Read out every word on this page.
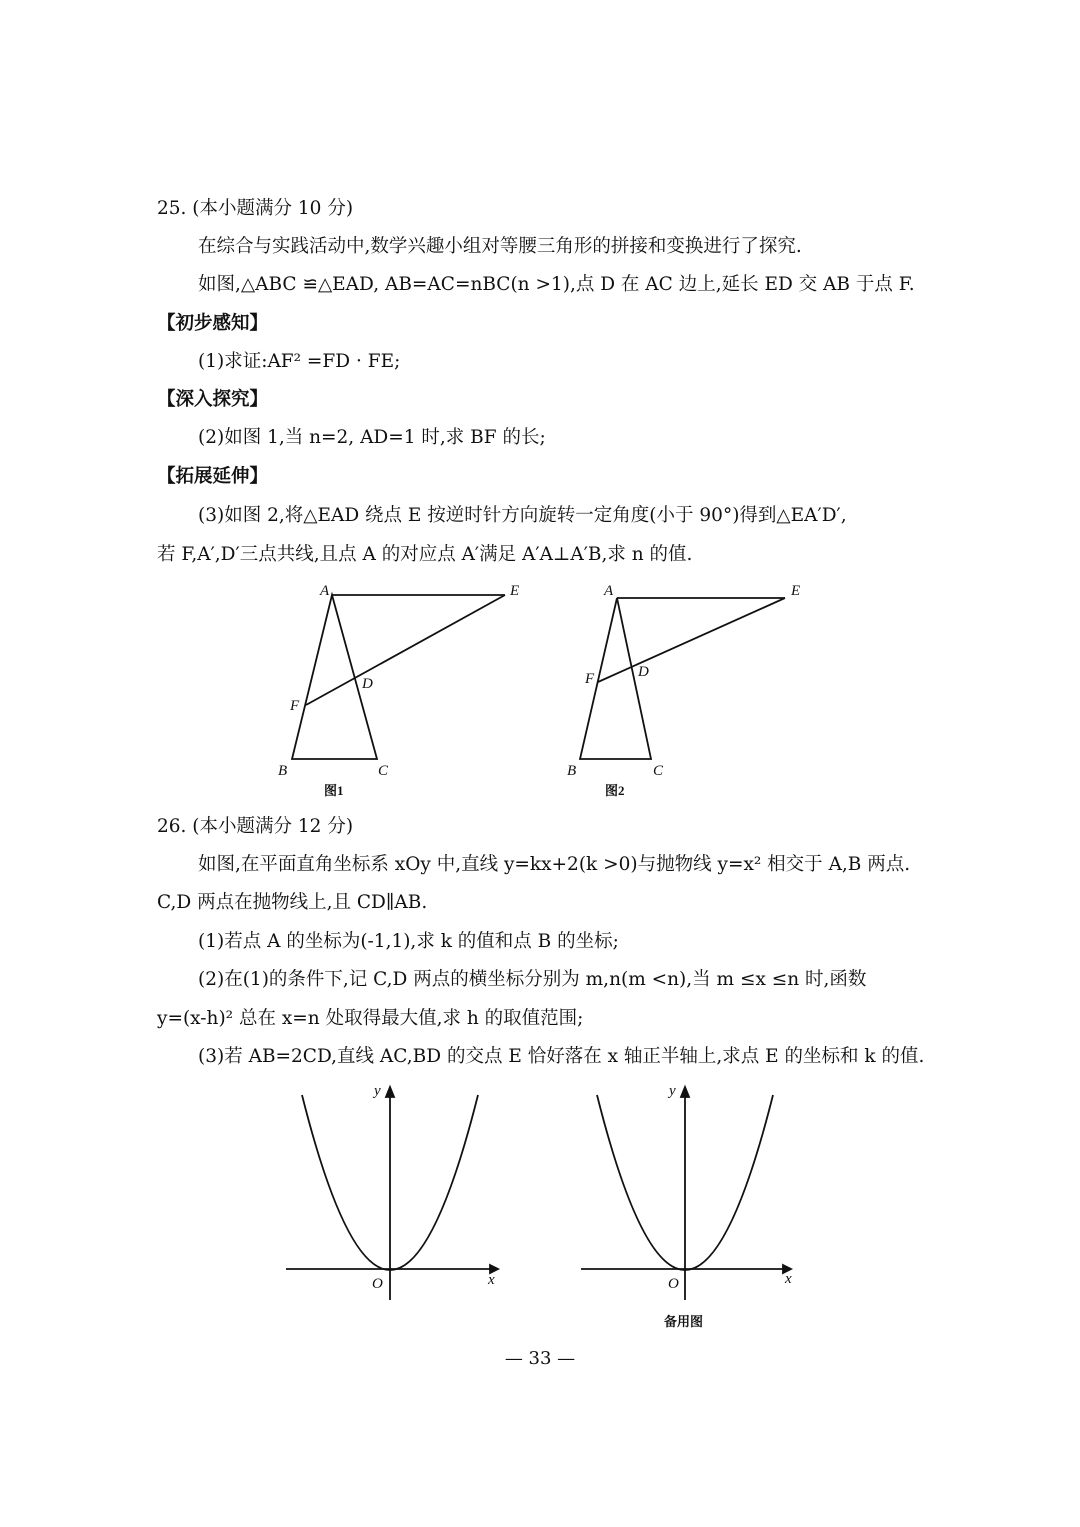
25. (本小题满分 10 分)
在综合与实践活动中,数学兴趣小组对等腰三角形的拼接和变换进行了探究.
如图,△ABC ≌△EAD, AB=AC=nBC(n >1),点 D 在 AC 边上,延长 ED 交 AB 于点 F.
【初步感知】
(1)求证:AF² =FD · FE;
【深入探究】
(2)如图 1,当 n=2, AD=1 时,求 BF 的长;
【拓展延伸】
(3)如图 2,将△EAD 绕点 E 按逆时针方向旋转一定角度(小于 90°)得到△EA′D′,
若 F,A′,D′三点共线,且点 A 的对应点 A′满足 A′A⊥A′B,求 n 的值.
A	E
D
F
B	C
图1
A	E
D
F
B	C
图2
26. (本小题满分 12 分)
如图,在平面直角坐标系 xOy 中,直线 y=kx+2(k >0)与抛物线 y=x² 相交于 A,B 两点.
C,D 两点在抛物线上,且 CD∥AB.
(1)若点 A 的坐标为(-1,1),求 k 的值和点 B 的坐标;
(2)在(1)的条件下,记 C,D 两点的横坐标分别为 m,n(m <n),当 m ≤x ≤n 时,函数
y=(x-h)² 总在 x=n 处取得最大值,求 h 的取值范围;
(3)若 AB=2CD,直线 AC,BD 的交点 E 恰好落在 x 轴正半轴上,求点 E 的坐标和 k 的值.
y
x
O
y
x
O
备用图
— 33 —
